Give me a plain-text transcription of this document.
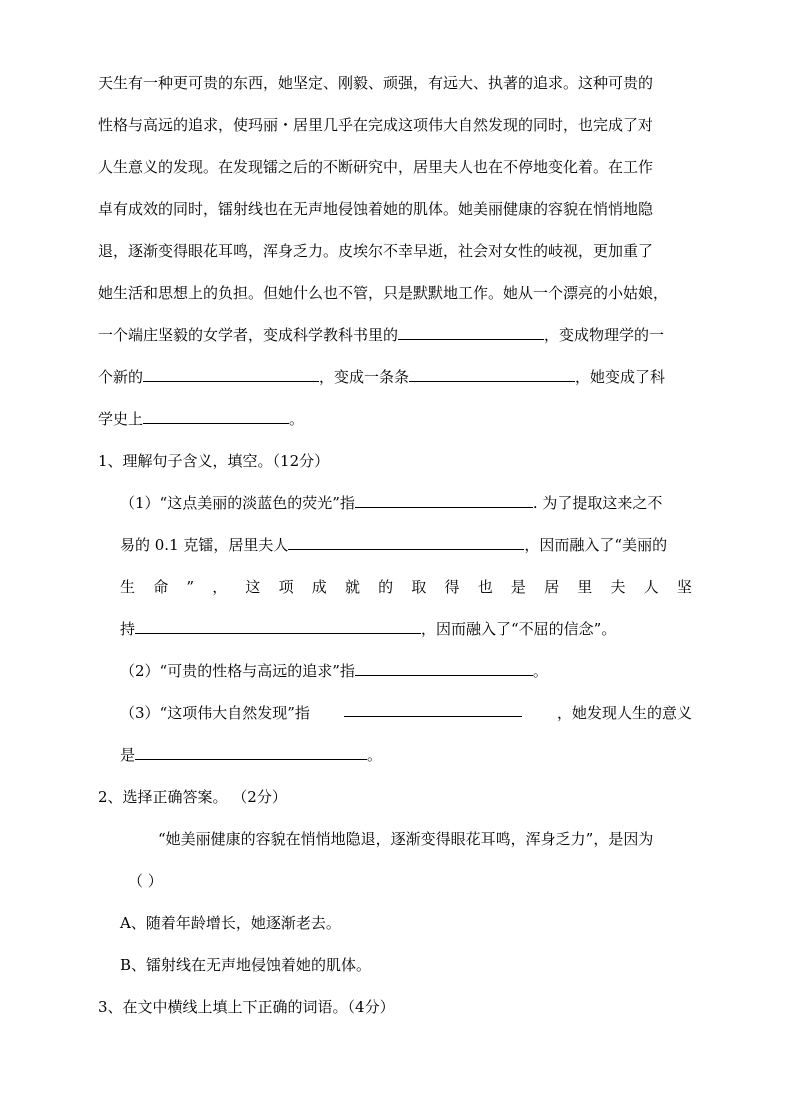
天生有一种更可贵的东西，她坚定、刚毅、顽强，有远大、执著的追求。这种可贵的
性格与高远的追求，使玛丽・居里几乎在完成这项伟大自然发现的同时，也完成了对
人生意义的发现。在发现镭之后的不断研究中，居里夫人也在不停地变化着。在工作
卓有成效的同时，镭射线也在无声地侵蚀着她的肌体。她美丽健康的容貌在悄悄地隐
退，逐渐变得眼花耳鸣，浑身乏力。皮埃尔不幸早逝，社会对女性的岐视，更加重了
她生活和思想上的负担。但她什么也不管，只是默默地工作。她从一个漂亮的小姑娘，
一个端庄坚毅的女学者，变成科学教科书里的	，变成物理学的一
个新的	，变成一条条	，她变成了科
学史上	。
1、理解句子含义，填空。（12分）
（1）“这点美丽的淡蓝色的荧光”指	. 为了提取这来之不
易的 0.1 克镭，居里夫人	，因而融入了“美丽的
生 命 ” ， 这 项 成 就 的 取 得 也 是 居 里 夫 人 坚
持	，因而融入了“不屈的信念”。
（2）“可贵的性格与高远的追求”指	。
（3）“这项伟大自然发现”指	，她发现人生的意义
是	。
2、选择正确答案。 （2分）
“她美丽健康的容貌在悄悄地隐退，逐渐变得眼花耳鸣，浑身乏力”，是因为
（ ）
A、随着年龄增长，她逐渐老去。
B、镭射线在无声地侵蚀着她的肌体。
3、在文中横线上填上下正确的词语。（4分）
